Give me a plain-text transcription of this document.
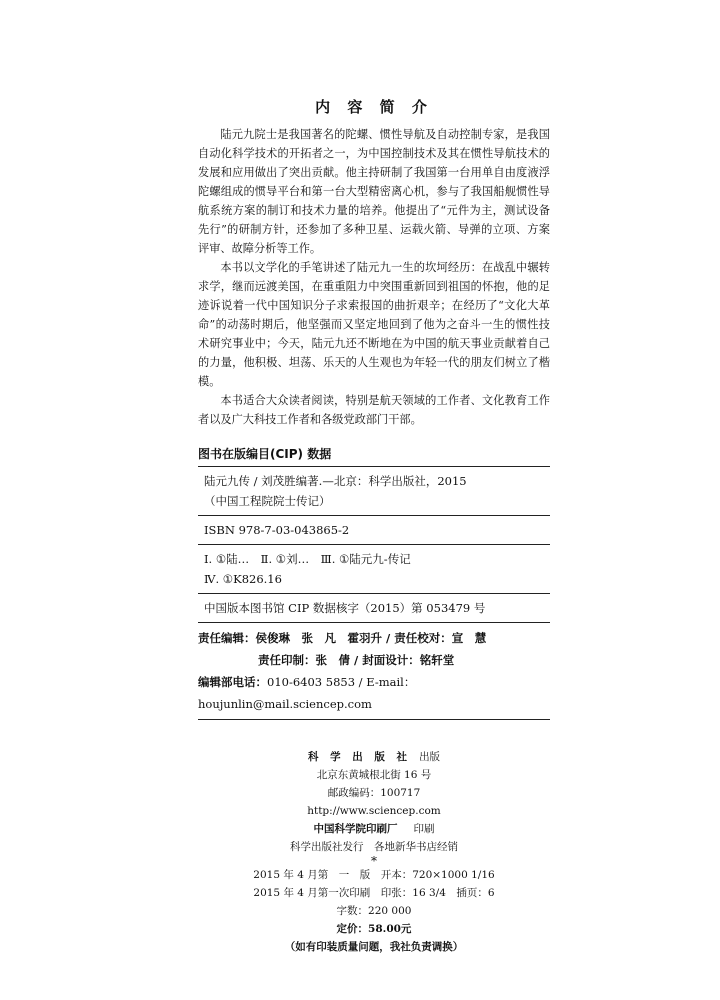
内 容 简 介

陆元九院士是我国著名的陀螺、惯性导航及自动控制专家，是我国自动化科学技术的开拓者之一，为中国控制技术及其在惯性导航技术的发展和应用做出了突出贡献。他主持研制了我国第一台用单自由度液浮陀螺组成的惯导平台和第一台大型精密离心机，参与了我国船舰惯性导航系统方案的制订和技术力量的培养。他提出了“元件为主，测试设备先行”的研制方针，还参加了多种卫星、运载火箭、导弹的立项、方案评审、故障分析等工作。

本书以文学化的手笔讲述了陆元九一生的坎坷经历：在战乱中辗转求学，继而远渡美国，在重重阻力中突围重新回到祖国的怀抱，他的足迹诉说着一代中国知识分子求索报国的曲折艰辛；在经历了“文化大革命”的动荡时期后，他坚强而又坚定地回到了他为之奋斗一生的惯性技术研究事业中；今天，陆元九还不断地在为中国的航天事业贡献着自己的力量，他积极、坦荡、乐天的人生观也为年轻一代的朋友们树立了楷模。

本书适合大众读者阅读，特别是航天领域的工作者、文化教育工作者以及广大科技工作者和各级党政部门干部。

图书在版编目(CIP) 数据
陆元九传 / 刘茂胜编著.—北京：科学出版社，2015
（中国工程院院士传记）
ISBN 978-7-03-043865-2
Ⅰ. ①陆…　Ⅱ. ①刘…　Ⅲ. ①陆元九-传记
Ⅳ. ①K826.16
中国版本图书馆 CIP 数据核字（2015）第 053479 号
责任编辑：侯俊琳　张　凡　霍羽升 / 责任校对：宣　慧
责任印制：张　倩 / 封面设计：铭轩堂
编辑部电话：010-6403 5853 / E-mail：houjunlin@mail.sciencep.com
科 学 出 版 社 出版
北京东黄城根北街 16 号
邮政编码：100717
http://www.sciencep.com
中国科学院印刷厂 印刷
科学出版社发行　各地新华书店经销
*
2015 年 4 月第　一　版　开本：720×1000 1/16
2015 年 4 月第一次印刷　印张：16 3/4　插页：6
字数：220 000
定价：58.00元
（如有印装质量问题，我社负责调换）
